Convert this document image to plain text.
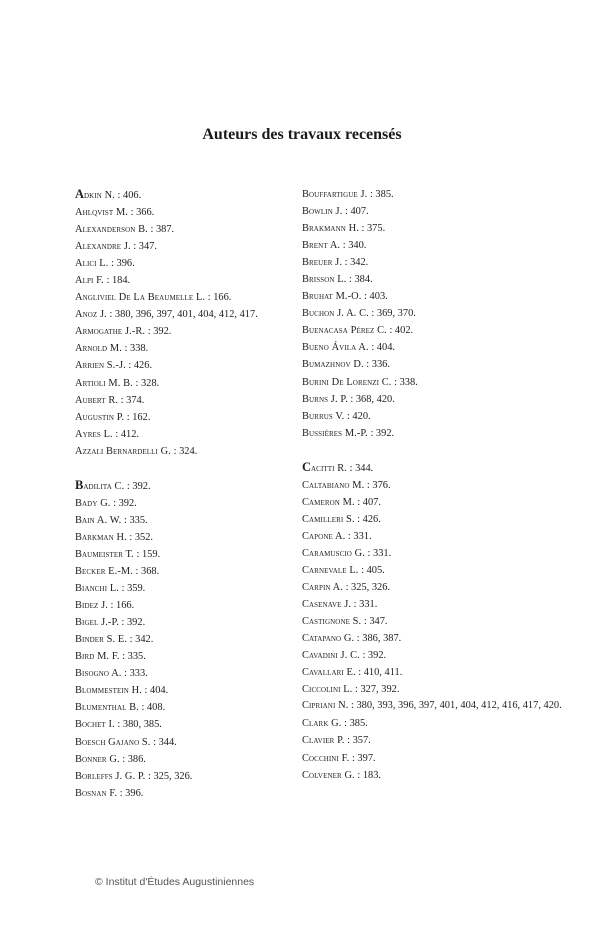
Auteurs des travaux recensés
Adkin N. : 406.
Ahlqvist M. : 366.
Alexanderson B. : 387.
Alexandre J. : 347.
Alici L. : 396.
Alpi F. : 184.
Angliviel De La Beaumelle L. : 166.
Anoz J. : 380, 396, 397, 401, 404, 412, 417.
Armogathe J.-R. : 392.
Arnold M. : 338.
Arrien S.-J. : 426.
Artioli M. B. : 328.
Aubert R. : 374.
Augustin P. : 162.
Ayres L. : 412.
Azzali Bernardelli G. : 324.
Badilita C. : 392.
Bady G. : 392.
Bain A. W. : 335.
Barkman H. : 352.
Baumeister T. : 159.
Becker E.-M. : 368.
Bianchi L. : 359.
Bidez J. : 166.
Bigel J.-P. : 392.
Binder S. E. : 342.
Bird M. F. : 335.
Bisogno A. : 333.
Blommestein H. : 404.
Blumenthal B. : 408.
Bochet I. : 380, 385.
Boesch Gajano S. : 344.
Bonner G. : 386.
Borleffs J. G. P. : 325, 326.
Bosnan F. : 396.
Bouffartigue J. : 385.
Bowlin J. : 407.
Brakmann H. : 375.
Brent A. : 340.
Breuer J. : 342.
Brisson L. : 384.
Bruhat M.-O. : 403.
Buchon J. A. C. : 369, 370.
Buenacasa Pérez C. : 402.
Bueno Ávila A. : 404.
Bumazhnov D. : 336.
Burini De Lorenzi C. : 338.
Burns J. P. : 368, 420.
Burrus V. : 420.
Bussières M.-P. : 392.
Cacitti R. : 344.
Caltabiano M. : 376.
Cameron M. : 407.
Camilleri S. : 426.
Capone A. : 331.
Caramuscio G. : 331.
Carnevale L. : 405.
Carpin A. : 325, 326.
Casenave J. : 331.
Castignone S. : 347.
Catapano G. : 386, 387.
Cavadini J. C. : 392.
Cavallari E. : 410, 411.
Ciccolini L. : 327, 392.
Cipriani N. : 380, 393, 396, 397, 401, 404, 412, 416, 417, 420.
Clark G. : 385.
Clavier P. : 357.
Cocchini F. : 397.
Colvener G. : 183.
© Institut d'Études Augustiniennes
